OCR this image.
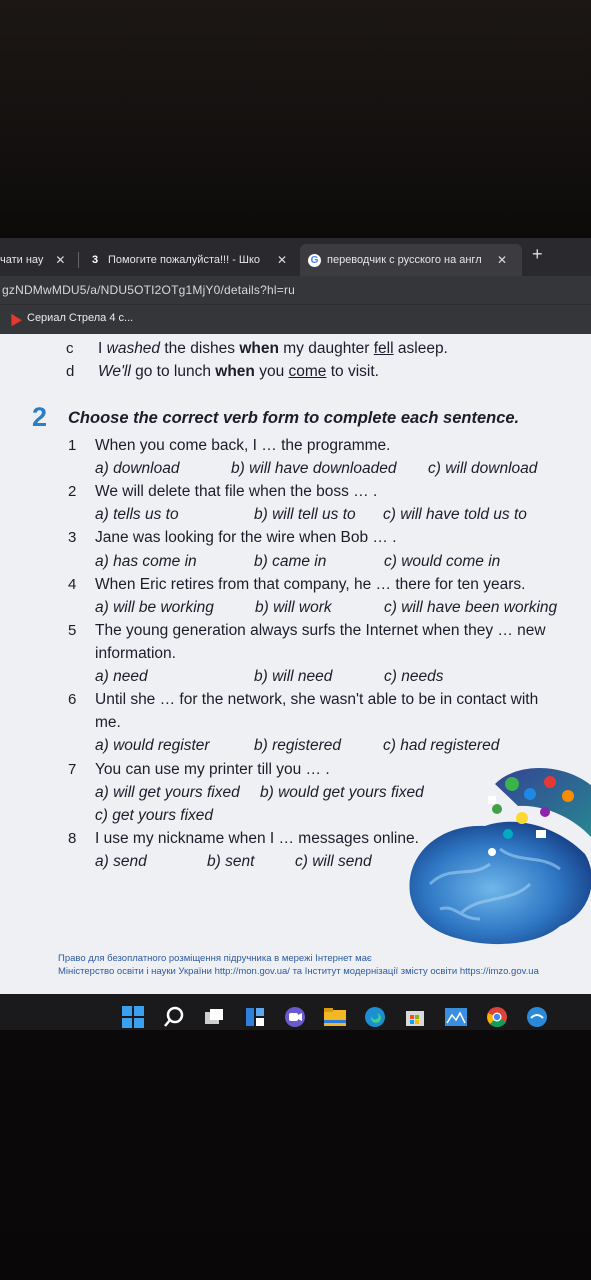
чати нау ✕	3 Помогите пожалуйста!!! - Шко	✕ G переводчик с русского на англ ✕ +
gzNDMwMDU5/a/NDU5OTI2OTg1MjY0/details?hl=ru
Сериал Стрела 4 с...
c I washed the dishes when my daughter fell asleep.
d We'll go to lunch when you come to visit.
2 Choose the correct verb form to complete each sentence.
1 When you come back, I … the programme.
a) download	b) will have downloaded c) will download
2 We will delete that file when the boss … .
a) tells us to	b) will tell us to c) will have told us to
3 Jane was looking for the wire when Bob … .
a) has come in	b) came in	c) would come in
4 When Eric retires from that company, he … there for ten years.
a) will be working	b) will work	c) will have been working
5 The young generation always surfs the Internet when they … new
information.
a) need	b) will need	c) needs
6 Until she … for the network, she wasn't able to be in contact with
me.
a) would register	b) registered	c) had registered
7 You can use my printer till you … .
a) will get yours fixed b) would get yours fixed
c) get yours fixed
8 I use my nickname when I … messages online.
a) send	b) sent	c) will send
Право для безоплатного розміщення підручника в мережі Інтернет має
Міністерство освіти і науки України http://mon.gov.ua/ та Інститут модернізації змісту освіти https://imzo.gov.ua
